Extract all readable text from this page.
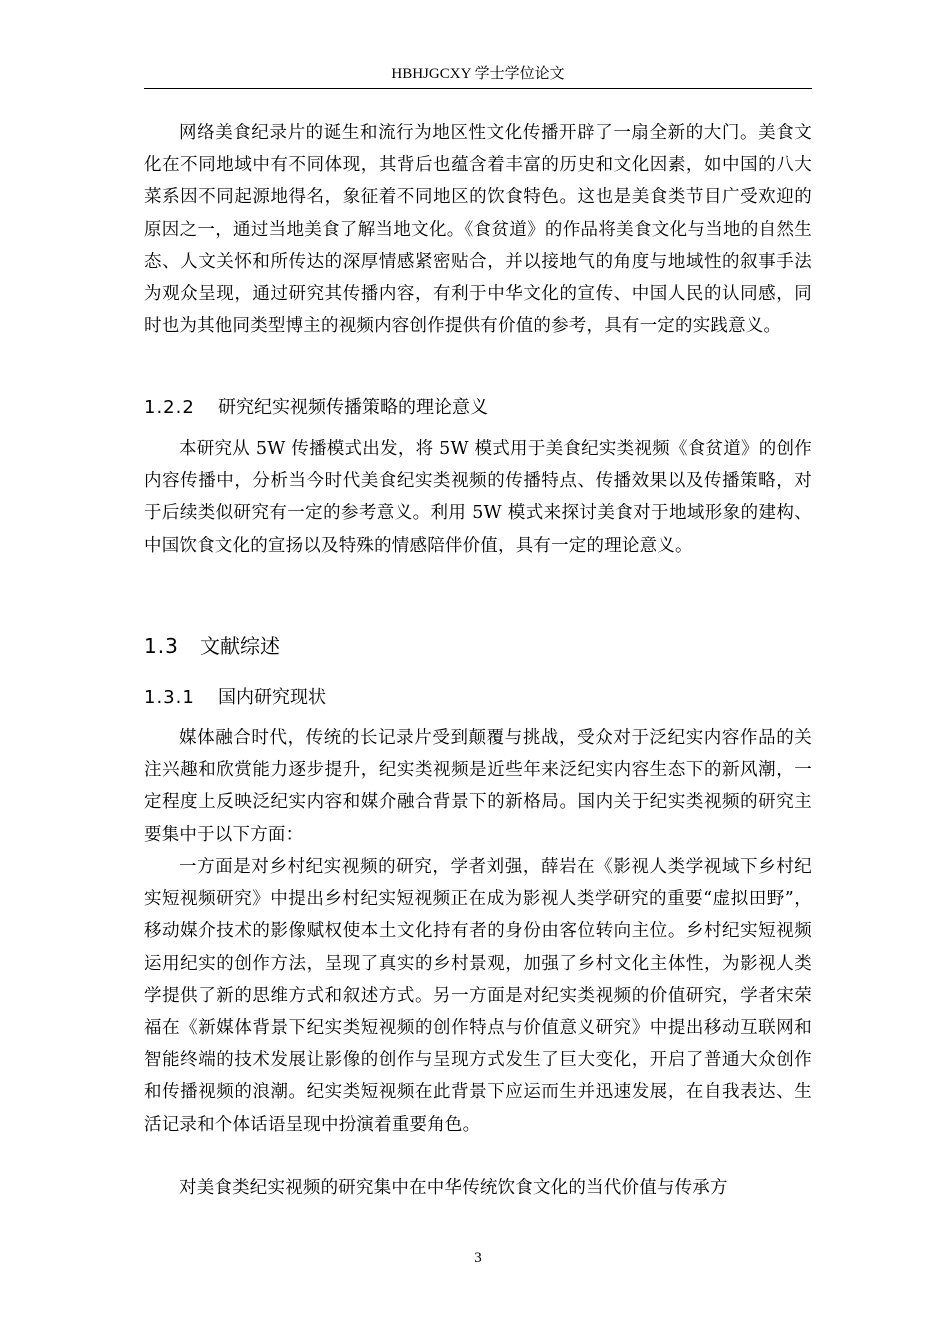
HBHJGCXY 学士学位论文

网络美食纪录片的诞生和流行为地区性文化传播开辟了一扇全新的大门。美食文化在不同地域中有不同体现，其背后也蕴含着丰富的历史和文化因素，如中国的八大菜系因不同起源地得名，象征着不同地区的饮食特色。这也是美食类节目广受欢迎的原因之一，通过当地美食了解当地文化。《食贫道》的作品将美食文化与当地的自然生态、人文关怀和所传达的深厚情感紧密贴合，并以接地气的角度与地域性的叙事手法为观众呈现，通过研究其传播内容，有利于中华文化的宣传、中国人民的认同感，同时也为其他同类型博主的视频内容创作提供有价值的参考，具有一定的实践意义。

1.2.2 研究纪实视频传播策略的理论意义

本研究从 5W 传播模式出发，将 5W 模式用于美食纪实类视频《食贫道》的创作内容传播中，分析当今时代美食纪实类视频的传播特点、传播效果以及传播策略，对于后续类似研究有一定的参考意义。利用 5W 模式来探讨美食对于地域形象的建构、中国饮食文化的宣扬以及特殊的情感陪伴价值，具有一定的理论意义。

1.3 文献综述
1.3.1 国内研究现状

媒体融合时代，传统的长记录片受到颠覆与挑战，受众对于泛纪实内容作品的关注兴趣和欣赏能力逐步提升，纪实类视频是近些年来泛纪实内容生态下的新风潮，一定程度上反映泛纪实内容和媒介融合背景下的新格局。国内关于纪实类视频的研究主要集中于以下方面：

一方面是对乡村纪实视频的研究，学者刘强，薛岩在《影视人类学视域下乡村纪实短视频研究》中提出乡村纪实短视频正在成为影视人类学研究的重要“虚拟田野”，移动媒介技术的影像赋权使本土文化持有者的身份由客位转向主位。乡村纪实短视频运用纪实的创作方法，呈现了真实的乡村景观，加强了乡村文化主体性，为影视人类学提供了新的思维方式和叙述方式。另一方面是对纪实类视频的价值研究，学者宋荣福在《新媒体背景下纪实类短视频的创作特点与价值意义研究》中提出移动互联网和智能终端的技术发展让影像的创作与呈现方式发生了巨大变化，开启了普通大众创作和传播视频的浪潮。纪实类短视频在此背景下应运而生并迅速发展，在自我表达、生活记录和个体话语呈现中扮演着重要角色。

对美食类纪实视频的研究集中在中华传统饮食文化的当代价值与传承方

3
